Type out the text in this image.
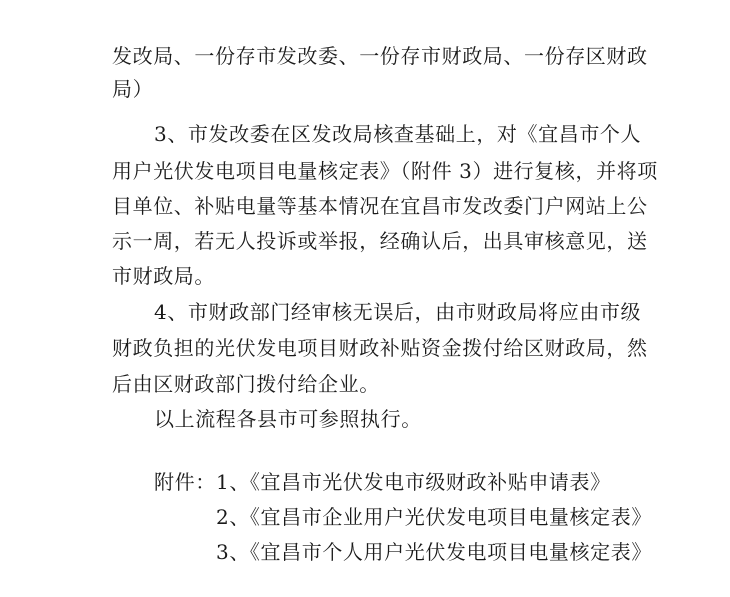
发改局、一份存市发改委、一份存市财政局、一份存区财政
局）
3、市发改委在区发改局核查基础上，对《宜昌市个人
用户光伏发电项目电量核定表》（附件 3）进行复核，并将项
目单位、补贴电量等基本情况在宜昌市发改委门户网站上公
示一周，若无人投诉或举报，经确认后，出具审核意见，送
市财政局。
4、市财政部门经审核无误后，由市财政局将应由市级
财政负担的光伏发电项目财政补贴资金拨付给区财政局，然
后由区财政部门拨付给企业。
以上流程各县市可参照执行。
附件： 1、《宜昌市光伏发电市级财政补贴申请表》
2、《宜昌市企业用户光伏发电项目电量核定表》
3、《宜昌市个人用户光伏发电项目电量核定表》
